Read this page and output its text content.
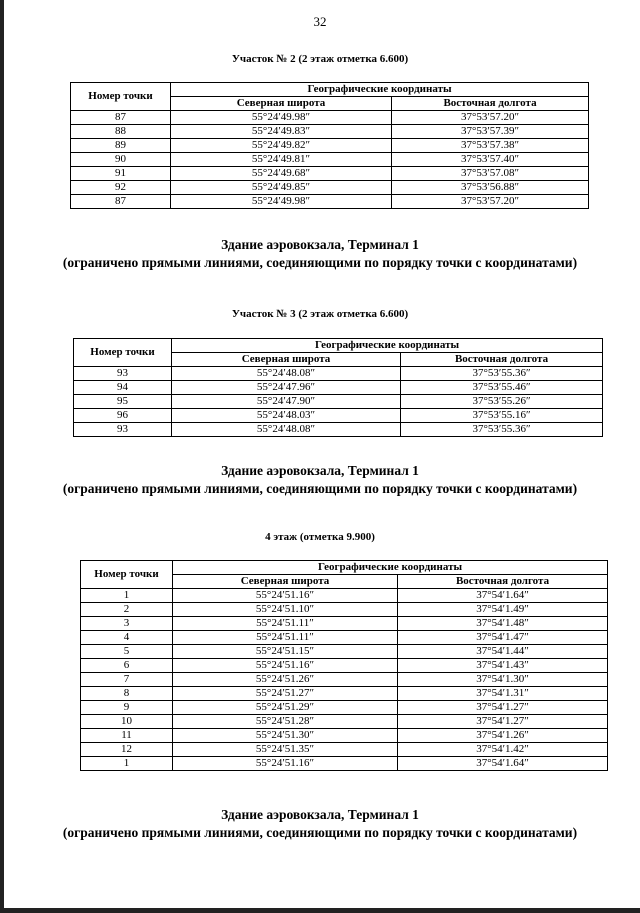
32
Участок № 2 (2 этаж отметка 6.600)
Номер точки	Географические координаты	
	Северная широта	Восточная долгота
87	55°24′49.98″	37°53′57.20″
88	55°24′49.83″	37°53′57.39″
89	55°24′49.82″	37°53′57.38″
90	55°24′49.81″	37°53′57.40″
91	55°24′49.68″	37°53′57.08″
92	55°24′49.85″	37°53′56.88″
87	55°24′49.98″	37°53′57.20″
Здание аэровокзала, Терминал 1
(ограничено прямыми линиями, соединяющими по порядку точки с координатами)
Участок № 3 (2 этаж отметка 6.600)
Номер точки	Географические координаты	
	Северная широта	Восточная долгота
93	55°24′48.08″	37°53′55.36″
94	55°24′47.96″	37°53′55.46″
95	55°24′47.90″	37°53′55.26″
96	55°24′48.03″	37°53′55.16″
93	55°24′48.08″	37°53′55.36″
Здание аэровокзала, Терминал 1
(ограничено прямыми линиями, соединяющими по порядку точки с координатами)
4 этаж (отметка 9.900)
Номер точки	Географические координаты	
	Северная широта	Восточная долгота
1	55°24′51.16″	37°54′1.64″
2	55°24′51.10″	37°54′1.49″
3	55°24′51.11″	37°54′1.48″
4	55°24′51.11″	37°54′1.47″
5	55°24′51.15″	37°54′1.44″
6	55°24′51.16″	37°54′1.43″
7	55°24′51.26″	37°54′1.30″
8	55°24′51.27″	37°54′1.31″
9	55°24′51.29″	37°54′1.27″
10	55°24′51.28″	37°54′1.27″
11	55°24′51.30″	37°54′1.26″
12	55°24′51.35″	37°54′1.42″
1	55°24′51.16″	37°54′1.64″
Здание аэровокзала, Терминал 1
(ограничено прямыми линиями, соединяющими по порядку точки с координатами)
